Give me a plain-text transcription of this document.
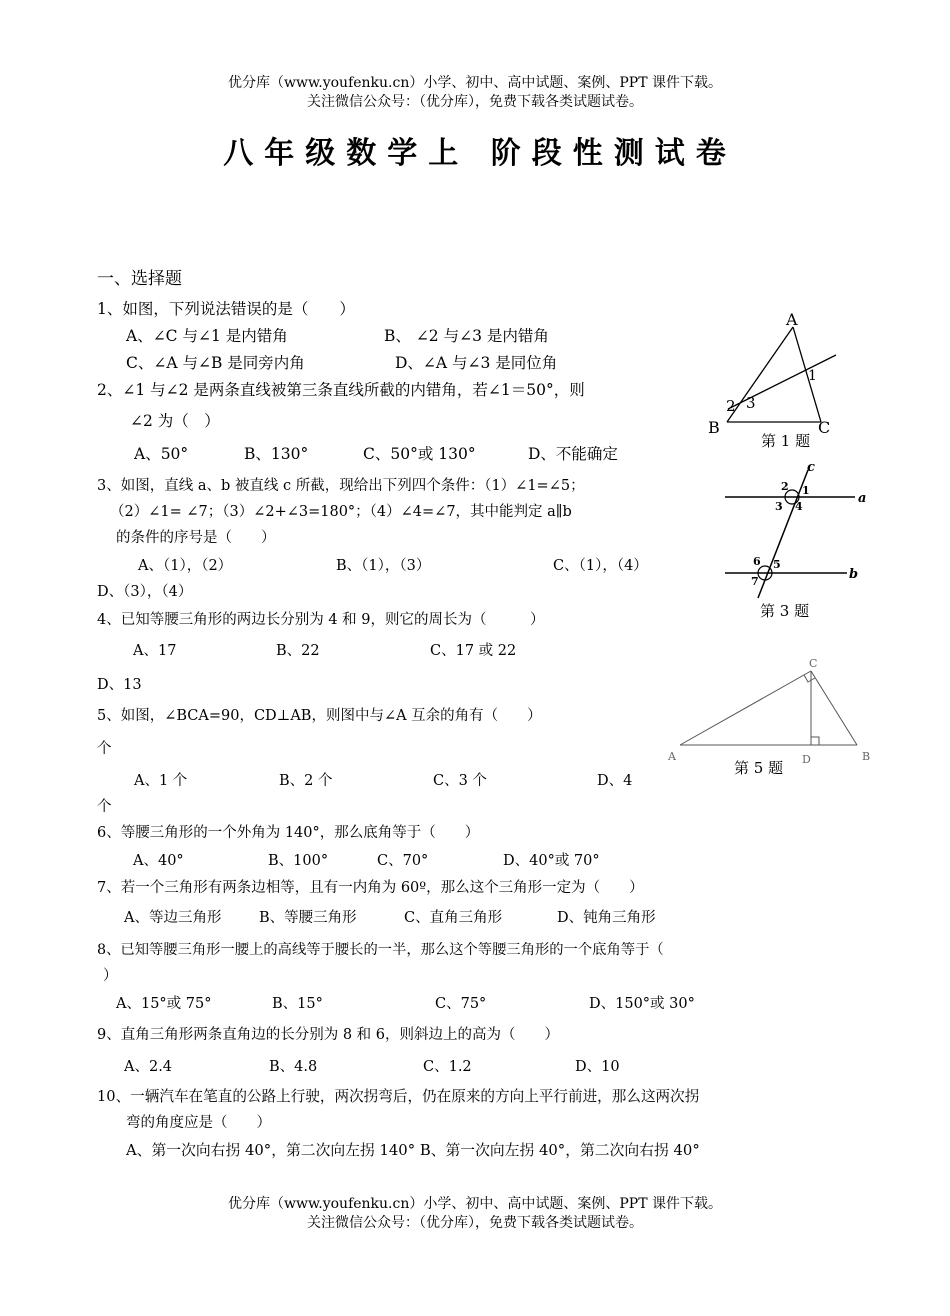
优分库（www.youfenku.cn）小学、初中、高中试题、案例、PPT 课件下载。
关注微信公众号：（优分库），免费下载各类试题试卷。
八年级数学上 阶段性测试卷
一、选择题
1、如图，下列说法错误的是（　　）
A、∠C 与∠1 是内错角	B、 ∠2 与∠3 是内错角
C、∠A 与∠B 是同旁内角	D、∠A 与∠3 是同位角
2、∠1 与∠2 是两条直线被第三条直线所截的内错角，若∠1＝50°，则
∠2 为（　）
A、50°	B、130°	C、50°或 130°	D、不能确定
3、如图，直线 a、b 被直线 c 所截，现给出下列四个条件：（1）∠1=∠5；
（2）∠1= ∠7；（3）∠2+∠3=180°；（4）∠4=∠7，其中能判定 a∥b
的条件的序号是（　　）
A、（1），（2）	B、（1），（3）	C、（1），（4）
D、（3），（4）
4、已知等腰三角形的两边长分别为 4 和 9，则它的周长为（　　　）
A、17	B、22	C、17 或 22
D、13
5、如图，∠BCA=90，CD⊥AB，则图中与∠A 互余的角有（　　）
个
A、1 个	B、2 个	C、3 个	D、4
个
6、等腰三角形的一个外角为 140°，那么底角等于（　　）
A、40°	B、100°	C、70°	D、40°或 70°
7、若一个三角形有两条边相等，且有一内角为 60º，那么这个三角形一定为（　　）
A、等边三角形	B、等腰三角形	C、直角三角形	D、钝角三角形
8、已知等腰三角形一腰上的高线等于腰长的一半，那么这个等腰三角形的一个底角等于（
）
A、15°或 75°	B、15°	C、75°	D、150°或 30°
9、直角三角形两条直角边的长分别为 8 和 6，则斜边上的高为（　　）
A、2.4	B、4.8	C、1.2	D、10
10、一辆汽车在笔直的公路上行驶，两次拐弯后，仍在原来的方向上平行前进，那么这两次拐
弯的角度应是（　　）
A、第一次向右拐 40°，第二次向左拐 140° B、第一次向左拐 40°，第二次向右拐 40°
优分库（www.youfenku.cn）小学、初中、高中试题、案例、PPT 课件下载。
关注微信公众号：（优分库），免费下载各类试题试卷。
A
B	C
1
2 3
第 1 题
c
a
b
1
2
3 4
5
6
7
第 3 题
C
A	D	B
第 5 题
